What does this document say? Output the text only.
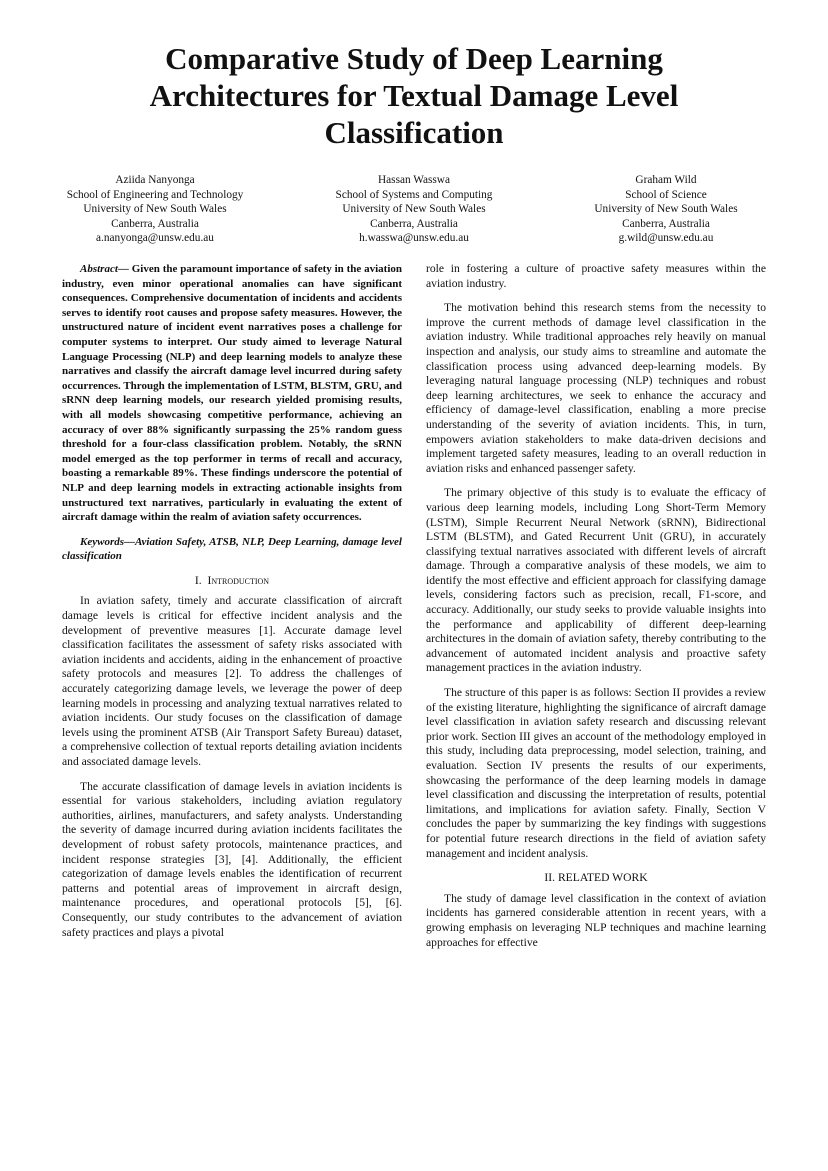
Comparative Study of Deep Learning Architectures for Textual Damage Level Classification
Aziida Nanyonga
School of Engineering and Technology
University of New South Wales
Canberra, Australia
a.nanyonga@unsw.edu.au
Hassan Wasswa
School of Systems and Computing
University of New South Wales
Canberra, Australia
h.wasswa@unsw.edu.au
Graham Wild
School of Science
University of New South Wales
Canberra, Australia
g.wild@unsw.edu.au

Abstract— Given the paramount importance of safety in the aviation industry, even minor operational anomalies can have significant consequences. Comprehensive documentation of incidents and accidents serves to identify root causes and propose safety measures. However, the unstructured nature of incident event narratives poses a challenge for computer systems to interpret. Our study aimed to leverage Natural Language Processing (NLP) and deep learning models to analyze these narratives and classify the aircraft damage level incurred during safety occurrences. Through the implementation of LSTM, BLSTM, GRU, and sRNN deep learning models, our research yielded promising results, with all models showcasing competitive performance, achieving an accuracy of over 88% significantly surpassing the 25% random guess threshold for a four-class classification problem. Notably, the sRNN model emerged as the top performer in terms of recall and accuracy, boasting a remarkable 89%. These findings underscore the potential of NLP and deep learning models in extracting actionable insights from unstructured text narratives, particularly in evaluating the extent of aircraft damage within the realm of aviation safety occurrences.

Keywords—Aviation Safety, ATSB, NLP, Deep Learning, damage level classification

I. Introduction

In aviation safety, timely and accurate classification of aircraft damage levels is critical for effective incident analysis and the development of preventive measures [1]. Accurate damage level classification facilitates the assessment of safety risks associated with aviation incidents and accidents, aiding in the enhancement of proactive safety protocols and measures [2]. To address the challenges of accurately categorizing damage levels, we leverage the power of deep learning models in processing and analyzing textual narratives related to aviation incidents. Our study focuses on the classification of damage levels using the prominent ATSB (Air Transport Safety Bureau) dataset, a comprehensive collection of textual reports detailing aviation incidents and associated damage levels.

The accurate classification of damage levels in aviation incidents is essential for various stakeholders, including aviation regulatory authorities, airlines, manufacturers, and safety analysts. Understanding the severity of damage incurred during aviation incidents facilitates the development of robust safety protocols, maintenance practices, and incident response strategies [3], [4]. Additionally, the efficient categorization of damage levels enables the identification of recurrent patterns and potential areas of improvement in aircraft design, maintenance procedures, and operational protocols [5], [6]. Consequently, our study contributes to the advancement of aviation safety practices and plays a pivotal

role in fostering a culture of proactive safety measures within the aviation industry.

The motivation behind this research stems from the necessity to improve the current methods of damage level classification in the aviation industry. While traditional approaches rely heavily on manual inspection and analysis, our study aims to streamline and automate the classification process using advanced deep-learning models. By leveraging natural language processing (NLP) techniques and robust deep learning architectures, we seek to enhance the accuracy and efficiency of damage-level classification, enabling a more precise understanding of the severity of aviation incidents. This, in turn, empowers aviation stakeholders to make data-driven decisions and implement targeted safety measures, leading to an overall reduction in aviation risks and enhanced passenger safety.

The primary objective of this study is to evaluate the efficacy of various deep learning models, including Long Short-Term Memory (LSTM), Simple Recurrent Neural Network (sRNN), Bidirectional LSTM (BLSTM), and Gated Recurrent Unit (GRU), in accurately classifying textual narratives associated with different levels of aircraft damage. Through a comparative analysis of these models, we aim to identify the most effective and efficient approach for classifying damage levels, considering factors such as precision, recall, F1-score, and accuracy. Additionally, our study seeks to provide valuable insights into the performance and applicability of different deep-learning architectures in the domain of aviation safety, thereby contributing to the advancement of automated incident analysis and proactive safety management practices in the aviation industry.

The structure of this paper is as follows: Section II provides a review of the existing literature, highlighting the significance of aircraft damage level classification in aviation safety research and discussing relevant prior work. Section III gives an account of the methodology employed in this study, including data preprocessing, model selection, training, and evaluation. Section IV presents the results of our experiments, showcasing the performance of the deep learning models in damage level classification and discussing the interpretation of results, potential limitations, and implications for aviation safety. Finally, Section V concludes the paper by summarizing the key findings with suggestions for potential future research directions in the field of aviation safety management and incident analysis.

II. RELATED WORK

The study of damage level classification in the context of aviation incidents has garnered considerable attention in recent years, with a growing emphasis on leveraging NLP techniques and machine learning approaches for effective
